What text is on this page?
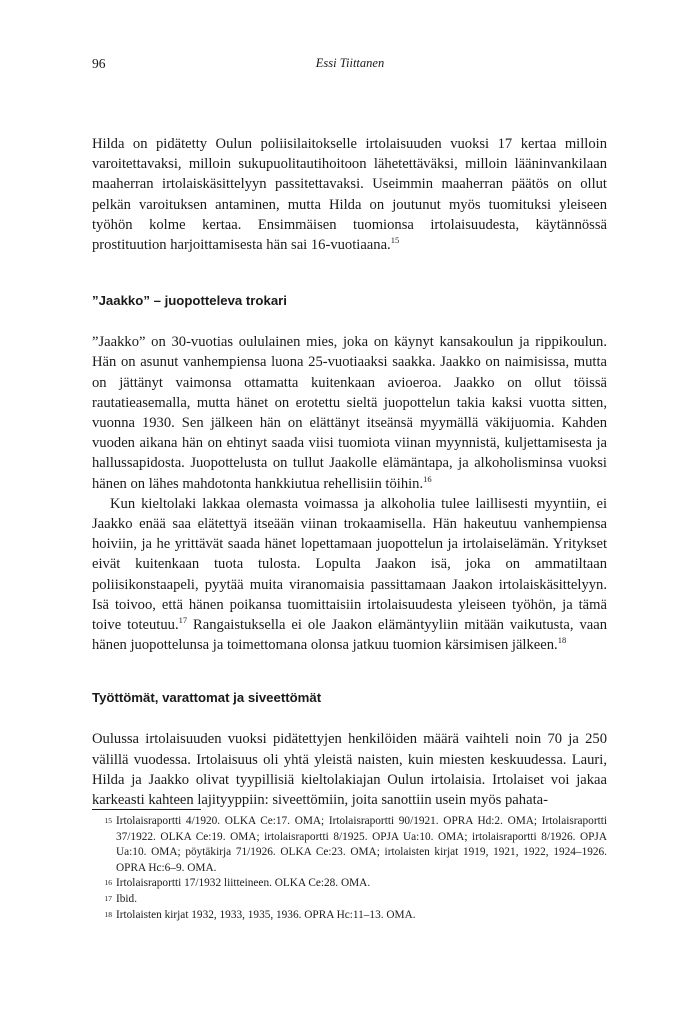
96	Essi Tiittanen

Hilda on pidätetty Oulun poliisilaitokselle irtolaisuuden vuoksi 17 kertaa milloin varoitettavaksi, milloin sukupuolitautihoitoon lähetettäväksi, milloin lääninvankilaan maaherran irtolaiskäsittelyyn passitettavaksi. Useimmin maaherran päätös on ollut pelkän varoituksen antaminen, mutta Hilda on joutunut myös tuomituksi yleiseen työhön kolme kertaa. Ensimmäisen tuomionsa irtolaisuudesta, käytännössä prostituution harjoittamisesta hän sai 16-vuotiaana.$^{15}$

”Jaakko” – juopotteleva trokari

”Jaakko” on 30-vuotias oululainen mies, joka on käynyt kansakoulun ja rippikoulun. Hän on asunut vanhempiensa luona 25-vuotiaaksi saakka. Jaakko on naimisissa, mutta on jättänyt vaimonsa ottamatta kuitenkaan avioeroa. Jaakko on ollut töissä rautatieasemalla, mutta hänet on erotettu sieltä juopottelun takia kaksi vuotta sitten, vuonna 1930. Sen jälkeen hän on elättänyt itseänsä myymällä väkijuomia. Kahden vuoden aikana hän on ehtinyt saada viisi tuomiota viinan myynnistä, kuljettamisesta ja hallussapidosta. Juopottelusta on tullut Jaakolle elämäntapa, ja alkoholisminsa vuoksi hänen on lähes mahdotonta hankkiutua rehellisiin töihin.$^{16}$

Kun kieltolaki lakkaa olemasta voimassa ja alkoholia tulee laillisesti myyntiin, ei Jaakko enää saa elätettyä itseään viinan trokaamisella. Hän hakeutuu vanhempiensa hoiviin, ja he yrittävät saada hänet lopettamaan juopottelun ja irtolaiselämän. Yritykset eivät kuitenkaan tuota tulosta. Lopulta Jaakon isä, joka on ammatiltaan poliisikonstaapeli, pyytää muita viranomaisia passittamaan Jaakon irtolaiskäsittelyyn. Isä toivoo, että hänen poikansa tuomittaisiin irtolaisuudesta yleiseen työhön, ja tämä toive toteutuu.$^{17}$ Rangaistuksella ei ole Jaakon elämäntyyliin mitään vaikutusta, vaan hänen juopottelunsa ja toimettomana olonsa jatkuu tuomion kärsimisen jälkeen.$^{18}$

Työttömät, varattomat ja siveettömät

Oulussa irtolaisuuden vuoksi pidätettyjen henkilöiden määrä vaihteli noin 70 ja 250 välillä vuodessa. Irtolaisuus oli yhtä yleistä naisten, kuin miesten keskuudessa. Lauri, Hilda ja Jaakko olivat tyypillisiä kieltolakiajan Oulun irtolaisia. Irtolaiset voi jakaa karkeasti kahteen lajityyppiin: siveettömiin, joita sanottiin usein myös pahata-

15 Irtolaisraportti 4/1920. OLKA Ce:17. OMA; Irtolaisraportti 90/1921. OPRA Hd:2. OMA; Irtolaisraportti 37/1922. OLKA Ce:19. OMA; irtolaisraportti 8/1925. OPJA Ua:10. OMA; irtolaisraportti 8/1926. OPJA Ua:10. OMA; pöytäkirja 71/1926. OLKA Ce:23. OMA; irtolaisten kirjat 1919, 1921, 1922, 1924–1926. OPRA Hc:6–9. OMA.
16 Irtolaisraportti 17/1932 liitteineen. OLKA Ce:28. OMA.
17 Ibid.
18 Irtolaisten kirjat 1932, 1933, 1935, 1936. OPRA Hc:11–13. OMA.
